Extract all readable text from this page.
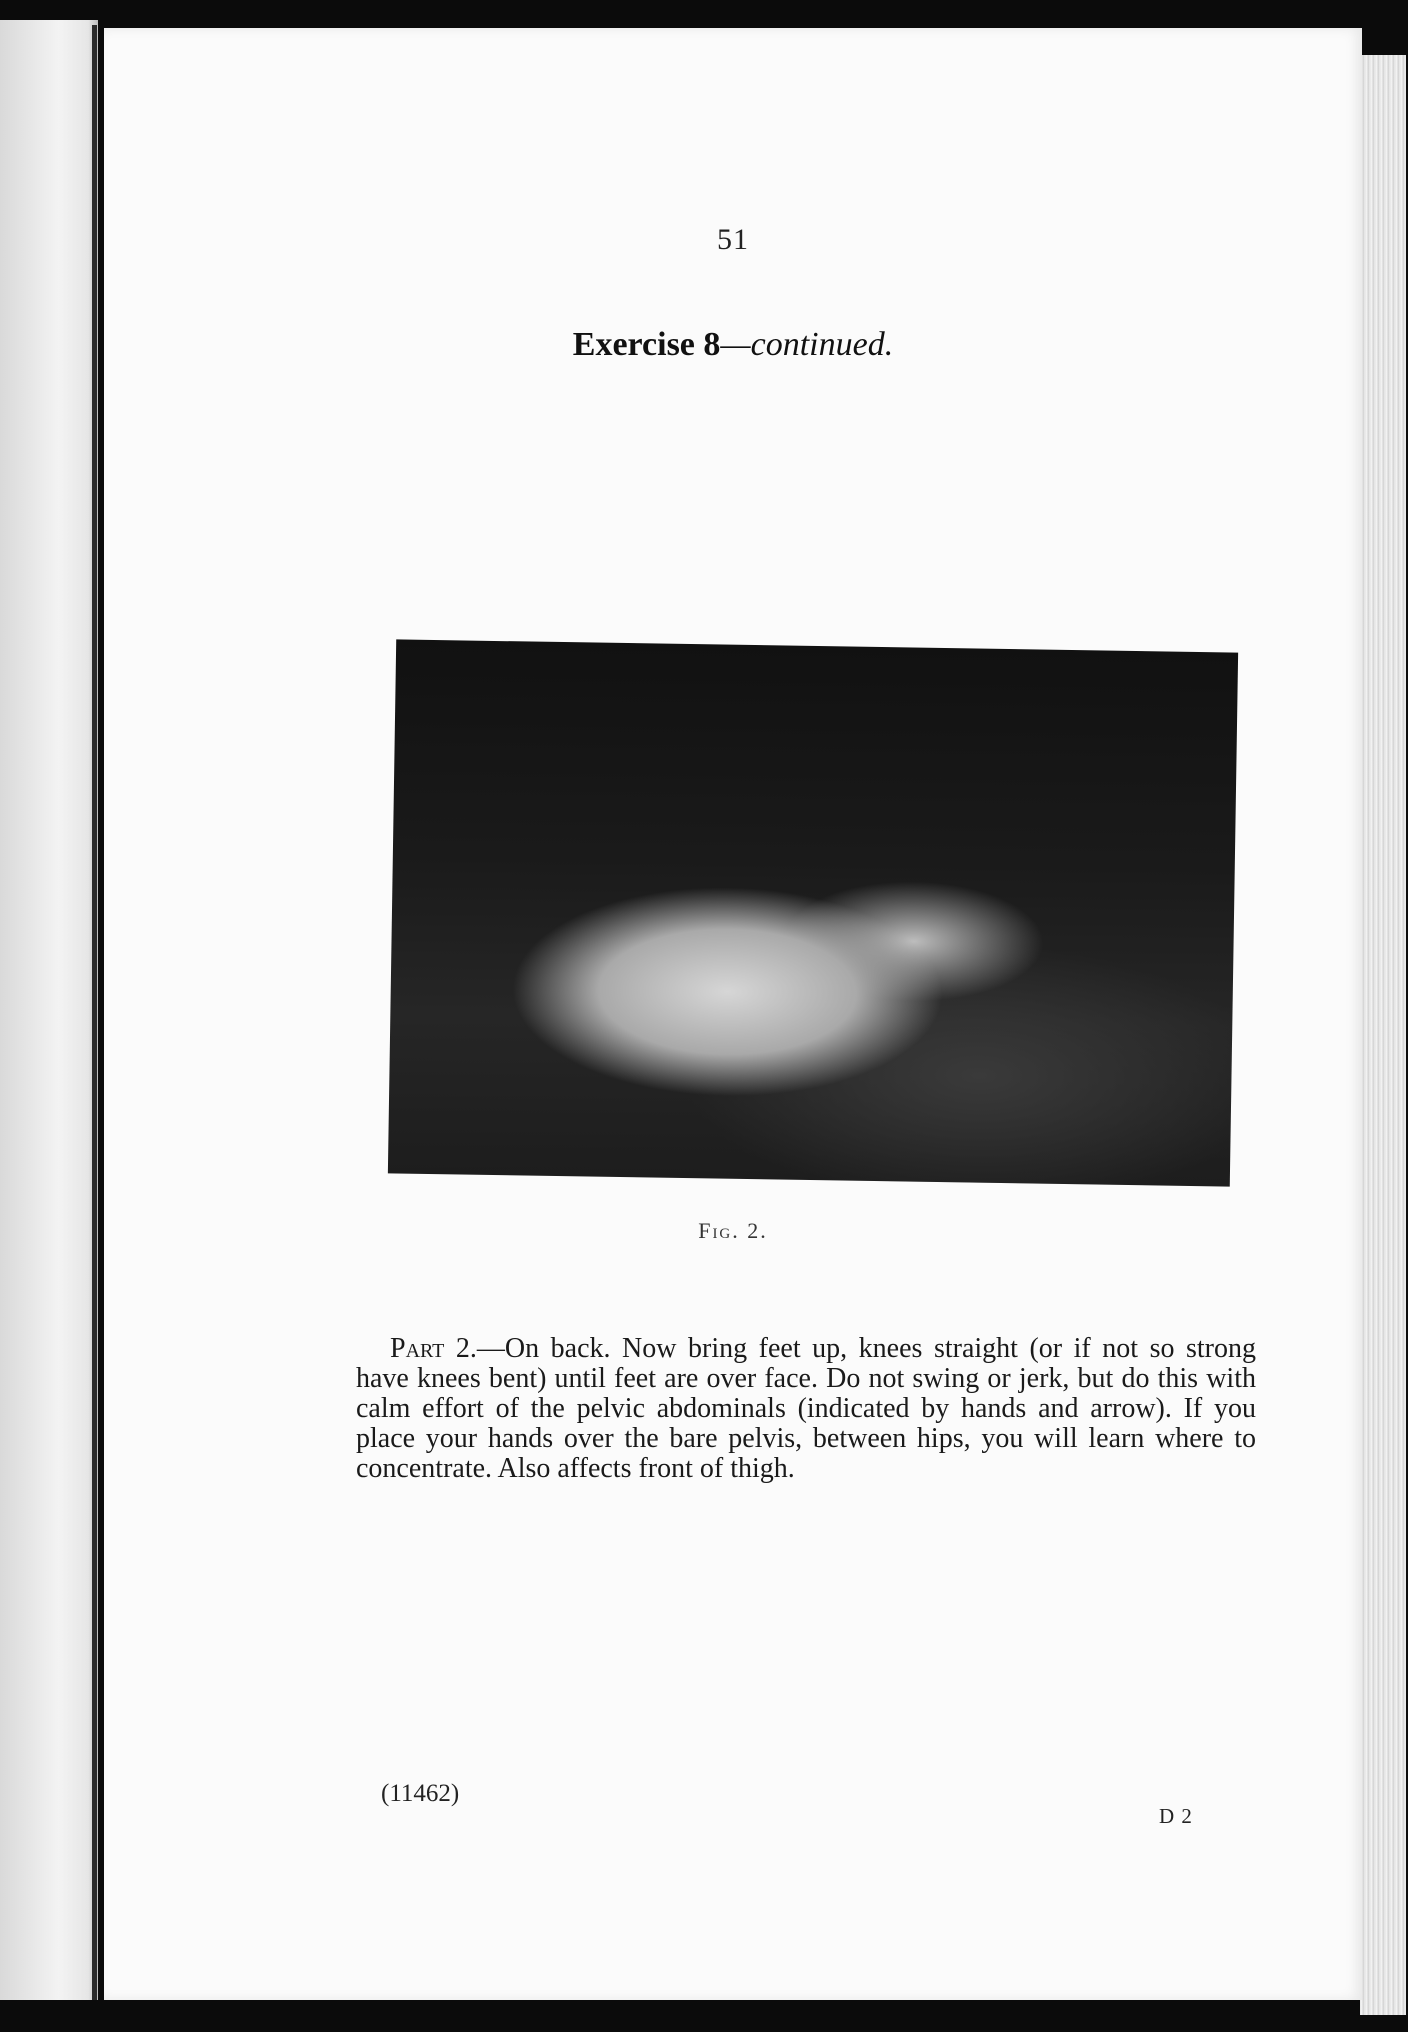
51
Exercise 8—continued.
Fig. 2.

Part 2.—On back. Now bring feet up, knees straight (or if not so strong have knees bent) until feet are over face. Do not swing or jerk, but do this with calm effort of the pelvic abdominals (indicated by hands and arrow). If you place your hands over the bare pelvis, between hips, you will learn where to concentrate. Also affects front of thigh.

(11462)
D 2
